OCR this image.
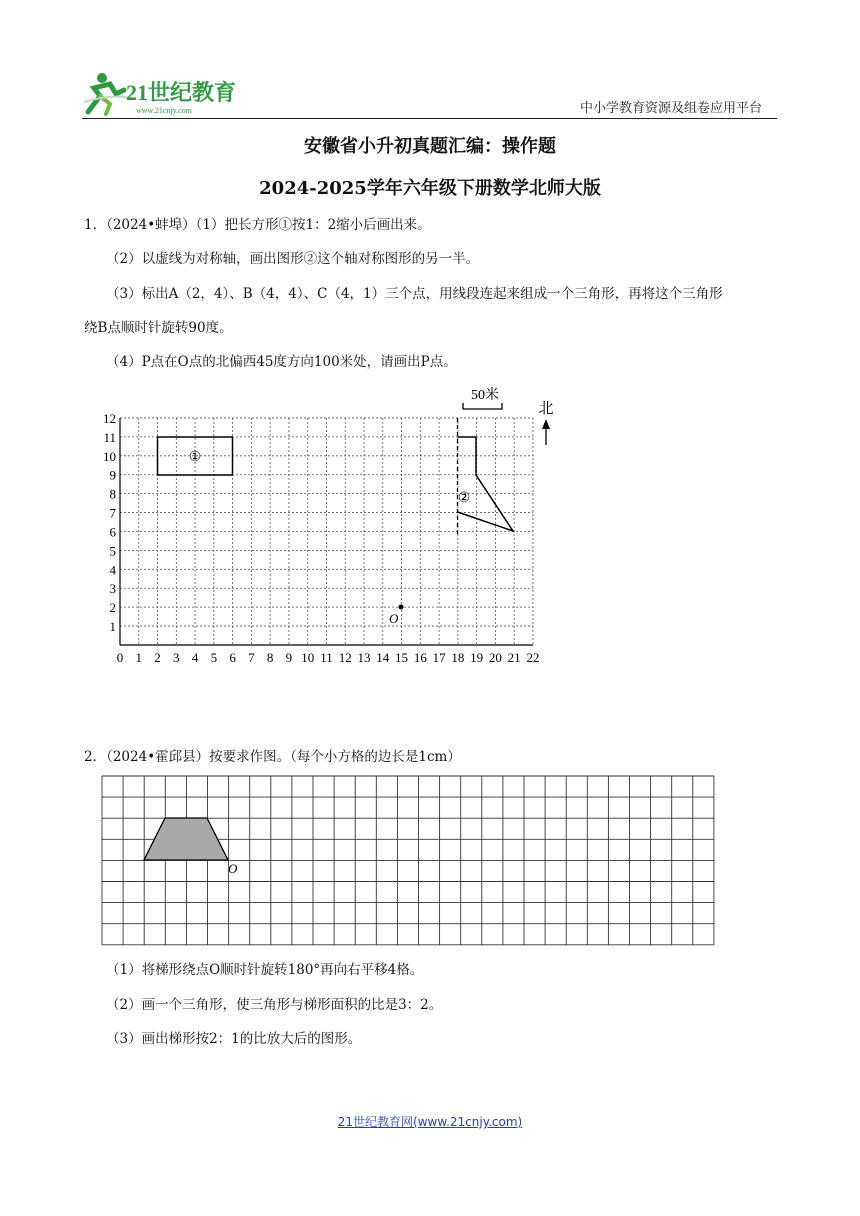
21世纪教育
www.21cnjy.com	中小学教育资源及组卷应用平台
安徽省小升初真题汇编：操作题
2024-2025学年六年级下册数学北师大版
1．（2024•蚌埠）（1）把长方形①按1：2缩小后画出来。
（2）以虚线为对称轴，画出图形②这个轴对称图形的另一半。
（3）标出A（2，4）、B（4，4）、C（4，1）三个点，用线段连起来组成一个三角形，再将这个三角形
绕B点顺时针旋转90度。
（4）P点在O点的北偏西45度方向100米处，请画出P点。
1
2
3
4
5
6
7
8
9
10
11
12
0 1 2 3 4 5 6 7 8 9 10 11 12 13 14 15 16 17 18 19 20 21 22
①
②
O
50米
北
2．（2024•霍邱县）按要求作图。（每个小方格的边长是1cm）
O
（1）将梯形绕点O顺时针旋转180°再向右平移4格。
（2）画一个三角形，使三角形与梯形面积的比是3：2。
（3）画出梯形按2：1的比放大后的图形。
21世纪教育网(www.21cnjy.com)
